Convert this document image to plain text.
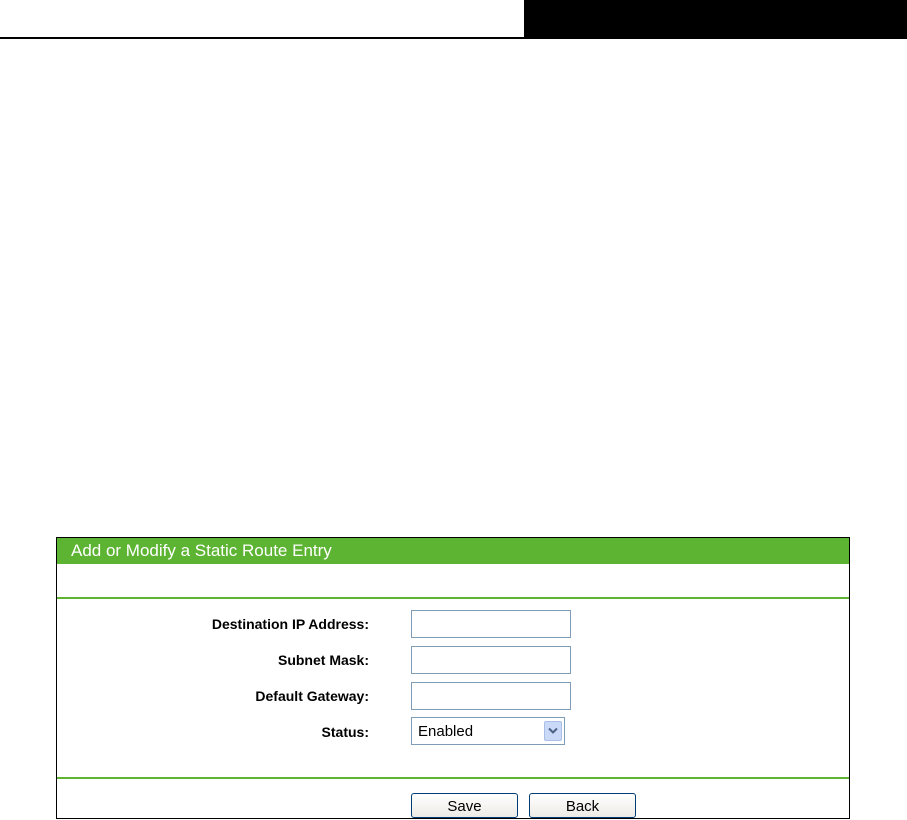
Add or Modify a Static Route Entry
Destination IP Address:
Subnet Mask:
Default Gateway:
Status:	Enabled
Save	Back
